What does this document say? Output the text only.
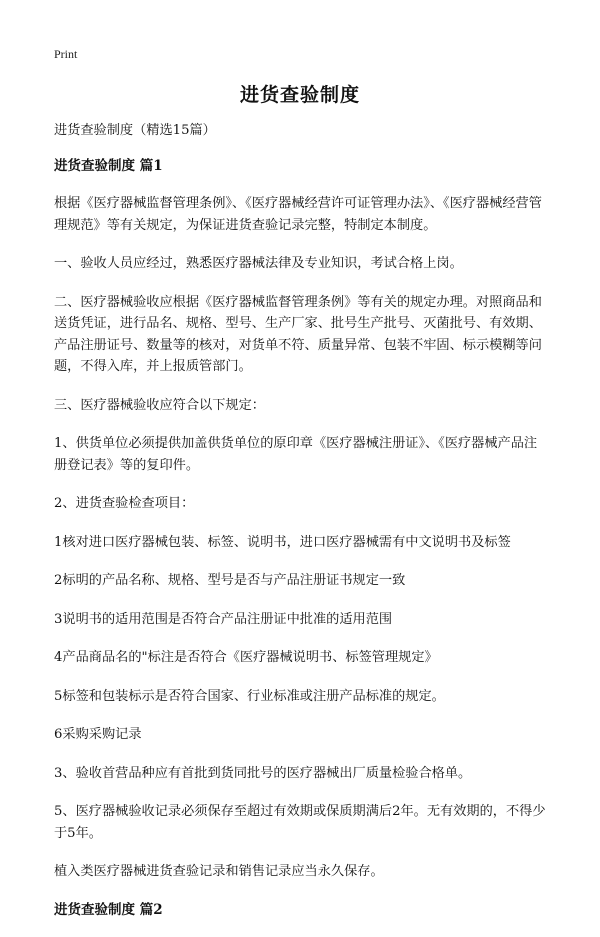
Print
进货查验制度

进货查验制度（精选15篇）

进货查验制度 篇1

根据《医疗器械监督管理条例》、《医疗器械经营许可证管理办法》、《医疗器械经营管理规范》等有关规定，为保证进货查验记录完整，特制定本制度。

一、验收人员应经过，熟悉医疗器械法律及专业知识，考试合格上岗。

二、医疗器械验收应根据《医疗器械监督管理条例》等有关的规定办理。对照商品和送货凭证，进行品名、规格、型号、生产厂家、批号生产批号、灭菌批号、有效期、产品注册证号、数量等的核对，对货单不符、质量异常、包装不牢固、标示模糊等问题，不得入库，并上报质管部门。

三、医疗器械验收应符合以下规定：

1、供货单位必须提供加盖供货单位的原印章《医疗器械注册证》、《医疗器械产品注册登记表》等的复印件。

2、进货查验检查项目：

1核对进口医疗器械包装、标签、说明书，进口医疗器械需有中文说明书及标签

2标明的产品名称、规格、型号是否与产品注册证书规定一致

3说明书的适用范围是否符合产品注册证中批准的适用范围

4产品商品名的"标注是否符合《医疗器械说明书、标签管理规定》

5标签和包装标示是否符合国家、行业标准或注册产品标准的规定。

6采购采购记录

3、验收首营品种应有首批到货同批号的医疗器械出厂质量检验合格单。

5、医疗器械验收记录必须保存至超过有效期或保质期满后2年。无有效期的，不得少于5年。

植入类医疗器械进货查验记录和销售记录应当永久保存。

进货查验制度 篇2
